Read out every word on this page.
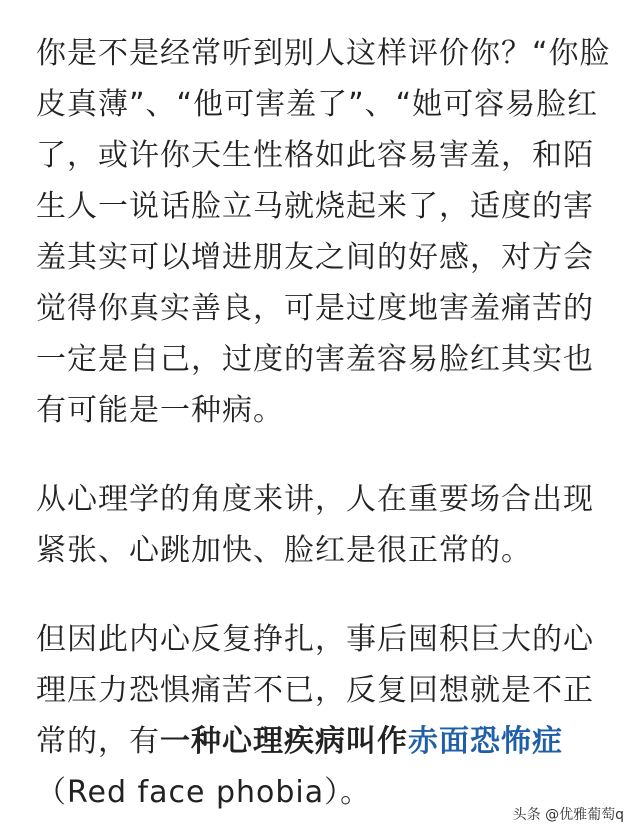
你是不是经常听到别人这样评价你？“你脸皮真薄”、“他可害羞了”、“她可容易脸红了，或许你天生性格如此容易害羞，和陌生人一说话脸立马就烧起来了，适度的害羞其实可以增进朋友之间的好感，对方会觉得你真实善良，可是过度地害羞痛苦的一定是自己，过度的害羞容易脸红其实也有可能是一种病。

从心理学的角度来讲，人在重要场合出现紧张、心跳加快、脸红是很正常的。

但因此内心反复挣扎，事后囤积巨大的心理压力恐惧痛苦不已，反复回想就是不正常的，有一种心理疾病叫作赤面恐怖症（Red face phobia）。

头条 @优雅葡萄q
